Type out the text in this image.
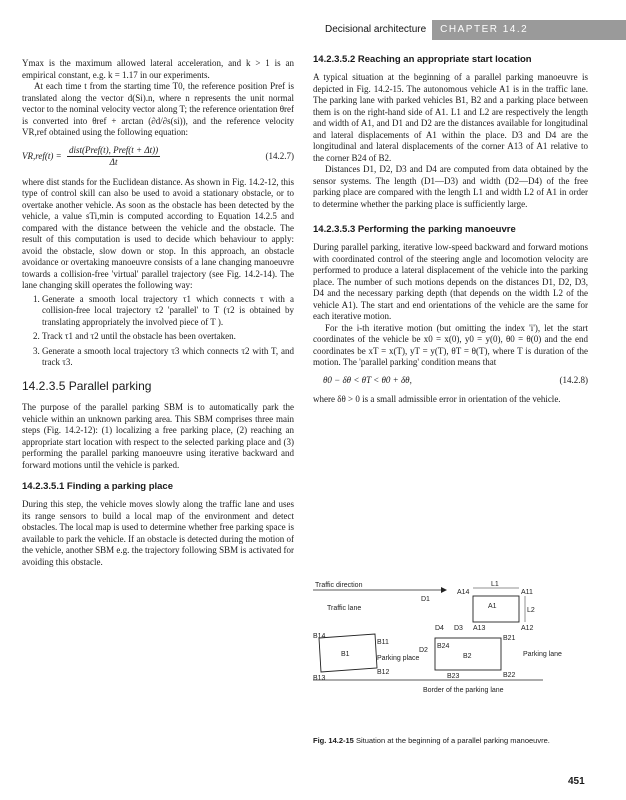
Decisional architecture	CHAPTER 14.2

Ymax is the maximum allowed lateral acceleration, and k > 1 is an empirical constant, e.g. k = 1.17 in our experiments.

At each time t from the starting time T0, the reference position Pref is translated along the vector d(Si).n, where n represents the unit normal vector to the nominal velocity vector along T; the reference orientation θref is converted into θref + arctan (∂d/∂s(si)), and the reference velocity VR,ref obtained using the following equation:

$VR,ref(t) = \frac{\text{dist(Pref(t), Pref(t + Δt))}}{\Delta t}$	(14.2.7)

where dist stands for the Euclidean distance. As shown in Fig. 14.2-12, this type of control skill can also be used to avoid a stationary obstacle, or to overtake another vehicle. As soon as the obstacle has been detected by the vehicle, a value sTi,min is computed according to Equation 14.2.5 and compared with the distance between the vehicle and the obstacle. The result of this computation is used to decide which behaviour to apply: avoid the obstacle, slow down or stop. In this approach, an obstacle avoidance or overtaking manoeuvre consists of a lane changing manoeuvre towards a collision-free 'virtual' parallel trajectory (see Fig. 14.2-14). The lane changing skill operates the following way:

1. Generate a smooth local trajectory τ1 which connects τ with a collision-free local trajectory τ2 'parallel' to T (τ2 is obtained by translating appropriately the involved piece of T ).
2. Track τ1 and τ2 until the obstacle has been overtaken.
3. Generate a smooth local trajectory τ3 which connects τ2 with T, and track τ3.
14.2.3.5 Parallel parking

The purpose of the parallel parking SBM is to automatically park the vehicle within an unknown parking area. This SBM comprises three main steps (Fig. 14.2-12): (1) localizing a free parking place, (2) reaching an appropriate start location with respect to the selected parking place and (3) performing the parallel parking manoeuvre using iterative backward and forward motions until the vehicle is parked.

14.2.3.5.1 Finding a parking place

During this step, the vehicle moves slowly along the traffic lane and uses its range sensors to build a local map of the environment and detect obstacles. The local map is used to determine whether free parking space is available to park the vehicle. If an obstacle is detected during the motion of the vehicle, another SBM e.g. the trajectory following SBM is activated for avoiding this obstacle.

14.2.3.5.2 Reaching an appropriate start location

A typical situation at the beginning of a parallel parking manoeuvre is depicted in Fig. 14.2-15. The autonomous vehicle A1 is in the traffic lane. The parking lane with parked vehicles B1, B2 and a parking place between them is on the right-hand side of A1. L1 and L2 are respectively the length and width of A1, and D1 and D2 are the distances available for longitudinal and lateral displacements of A1 within the place. D3 and D4 are the longitudinal and lateral displacements of the corner A13 of A1 relative to the corner B24 of B2.

Distances D1, D2, D3 and D4 are computed from data obtained by the sensor systems. The length (D1—D3) and width (D2—D4) of the free parking place are compared with the length L1 and width L2 of A1 in order to determine whether the parking place is sufficiently large.

14.2.3.5.3 Performing the parking manoeuvre

During parallel parking, iterative low-speed backward and forward motions with coordinated control of the steering angle and locomotion velocity are performed to produce a lateral displacement of the vehicle into the parking place. The number of such motions depends on the distances D1, D2, D3, D4 and the necessary parking depth (that depends on the width L2 of the vehicle A1). The start and end orientations of the vehicle are the same for each iterative motion.

For the i-th iterative motion (but omitting the index 'i'), let the start coordinates of the vehicle be x0 = x(0), y0 = y(0), θ0 = θ(0) and the end coordinates be xT = x(T), yT = y(T), θT = θ(T), where T is duration of the motion. The 'parallel parking' condition means that

θ0 − δθ < θT < θ0 + δθ,	(14.2.8)

where δθ > 0 is a small admissible error in orientation of the vehicle.

Traffic direction
Traffic lane
D1
L1
A1
A14	A11
A13	A12
L2
D4 D3
B1
B14
B13
B11
B12
Parking place
D2
B2
B24
B21
B22
B23
Parking lane
Border of the parking lane
Fig. 14.2-15 Situation at the beginning of a parallel parking manoeuvre.
451
